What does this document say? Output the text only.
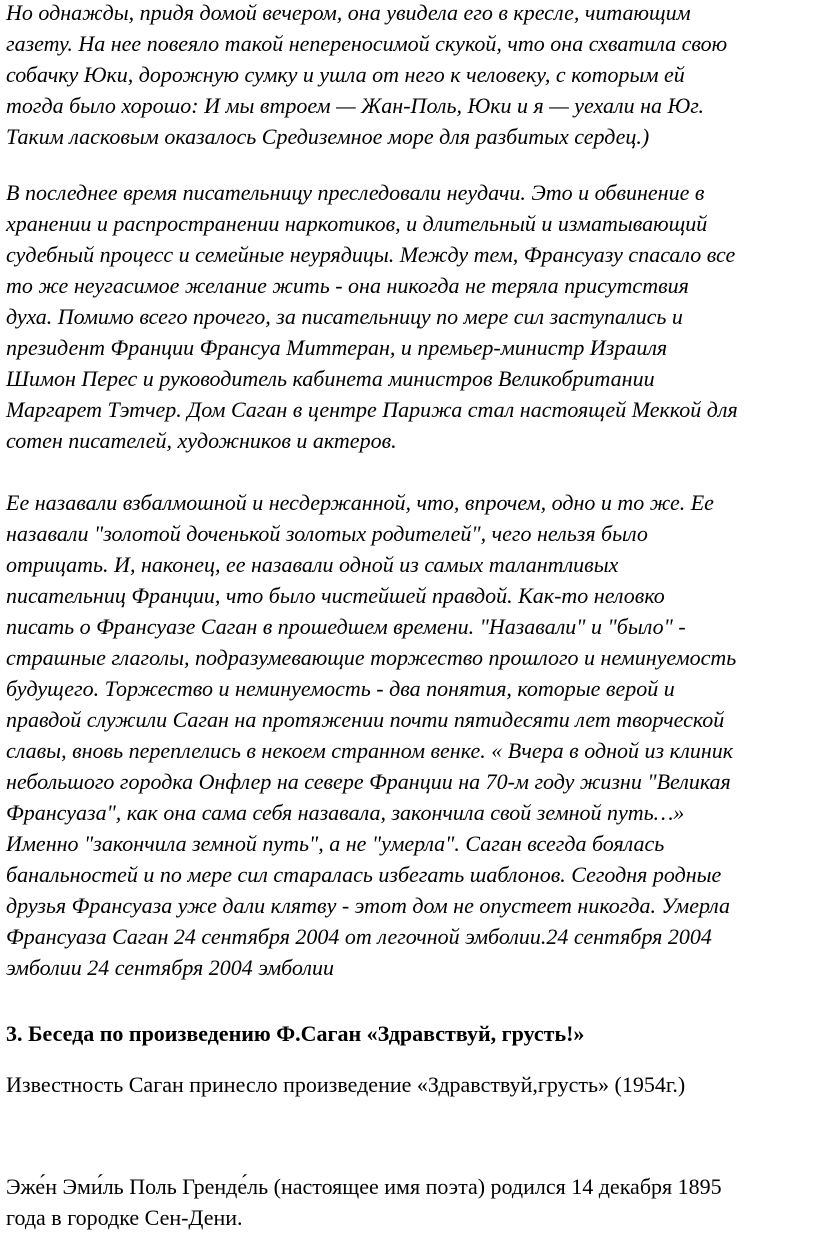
Но однажды, придя домой вечером, она увидела его в кресле, читающим
газету. На нее повеяло такой непереносимой скукой, что она схватила свою
собачку Юки, дорожную сумку и ушла от него к человеку, с которым ей
тогда было хорошо: И мы втроем — Жан-Поль, Юки и я — уехали на Юг.
Таким ласковым оказалось Средиземное море для разбитых сердец.)

В последнее время писательницу преследовали неудачи. Это и обвинение в
хранении и распространении наркотиков, и длительный и изматывающий
судебный процесс и семейные неурядицы. Между тем, Франсуазу спасало все
то же неугасимое желание жить - она никогда не теряла присутствия
духа. Помимо всего прочего, за писательницу по мере сил заступались и
президент Франции Франсуа Миттеран, и премьер-министр Израиля
Шимон Перес и руководитель кабинета министров Великобритании
Маргарет Тэтчер. Дом Саган в центре Парижа стал настоящей Меккой для
сотен писателей, художников и актеров.

Ее назавали взбалмошной и несдержанной, что, впрочем, одно и то же. Ее
назавали "золотой доченькой золотых родителей", чего нельзя было
отрицать. И, наконец, ее назавали одной из самых талантливых
писательниц Франции, что было чистейшей правдой. Как-то неловко
писать о Франсуазе Саган в прошедшем времени. "Назавали" и "было" -
страшные глаголы, подразумевающие торжество прошлого и неминуемость
будущего. Торжество и неминуемость - два понятия, которые верой и
правдой служили Саган на протяжении почти пятидесяти лет творческой
славы, вновь переплелись в некоем странном венке. « Вчера в одной из клиник
небольшого городка Онфлер на севере Франции на 70-м году жизни "Великая
Франсуаза", как она сама себя назавала, закончила свой земной путь…»
Именно "закончила земной путь", а не "умерла". Саган всегда боялась
банальностей и по мере сил старалась избегать шаблонов. Сегодня родные
друзья Франсуаза уже дали клятву - этот дом не опустеет никогда. Умерла
Франсуаза Саган 24 сентября 2004 от легочной эмболии.24 сентября 2004
эмболии 24 сентября 2004 эмболии

3. Беседа по произведению Ф.Саган «Здравствуй, грусть!»

Известность Саган принесло произведение «Здравствуй,грусть» (1954г.)

Эже́н Эми́ль Поль Гренде́ль (настоящее имя поэта) родился 14 декабря 1895
года в городке Сен-Дени.
